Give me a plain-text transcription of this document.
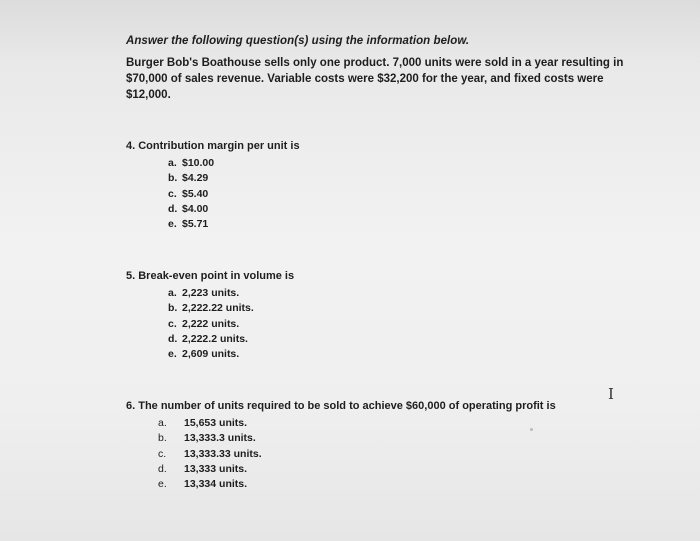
Answer the following question(s) using the information below.
Burger Bob's Boathouse sells only one product. 7,000 units were sold in a year resulting in $70,000 of sales revenue. Variable costs were $32,200 for the year, and fixed costs were $12,000.

4. Contribution margin per unit is

a. $10.00
b. $4.29
c. $5.40
d. $4.00
e. $5.71

5. Break-even point in volume is

a. 2,223 units.
b. 2,222.22 units.
c. 2,222 units.
d. 2,222.2 units.
e. 2,609 units.

6. The number of units required to be sold to achieve $60,000 of operating profit is

a. 15,653 units.
b. 13,333.3 units.
c. 13,333.33 units.
d. 13,333 units.
e. 13,334 units.
I
